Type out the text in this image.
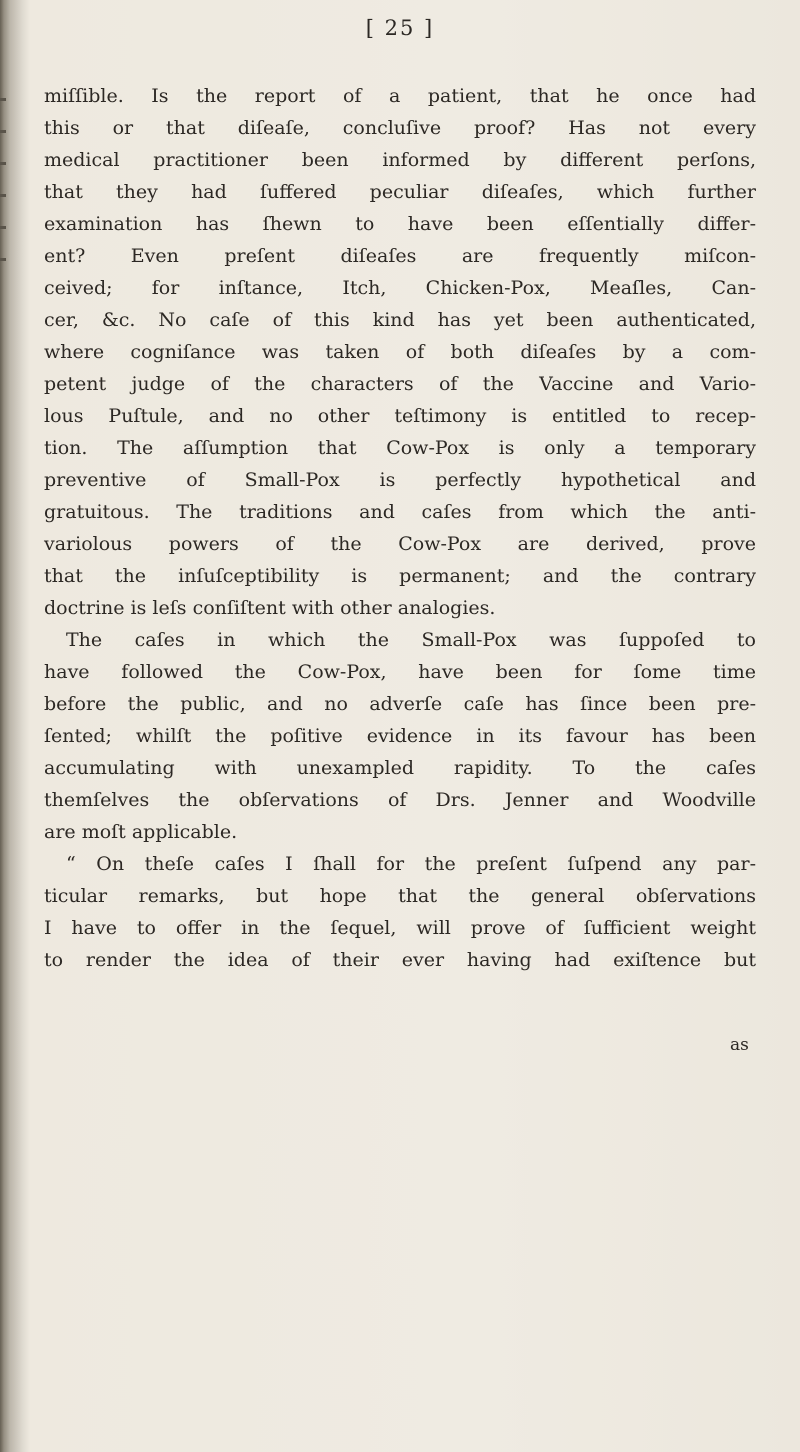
[ 25 ]
miſſible. Is the report of a patient, that he once had
this or that diſeaſe, concluſive proof? Has not every
medical practitioner been informed by different perſons,
that they had ſuffered peculiar diſeaſes, which further
examination has ſhewn to have been eſſentially differ-
ent? Even preſent diſeaſes are frequently miſcon-
ceived; for inſtance, Itch, Chicken-Pox, Meaſles, Can-
cer, &c. No caſe of this kind has yet been authenticated,
where cogniſance was taken of both diſeaſes by a com-
petent judge of the characters of the Vaccine and Vario-
lous Puſtule, and no other teſtimony is entitled to recep-
tion. The aſſumption that Cow-Pox is only a temporary
preventive of Small-Pox is perfectly hypothetical and
gratuitous. The traditions and caſes from which the anti-
variolous powers of the Cow-Pox are derived, prove
that the inſuſceptibility is permanent; and the contrary
doctrine is leſs conſiſtent with other analogies.
The caſes in which the Small-Pox was ſuppoſed to
have followed the Cow-Pox, have been for ſome time
before the public, and no adverſe caſe has ſince been pre-
ſented; whilſt the poſitive evidence in its favour has been
accumulating with unexampled rapidity. To the caſes
themſelves the obſervations of Drs. Jenner and Woodville
are moſt applicable.
“ On theſe caſes I ſhall for the preſent ſuſpend any par-
ticular remarks, but hope that the general obſervations
I have to offer in the ſequel, will prove of ſufficient weight
to render the idea of their ever having had exiſtence but
as
